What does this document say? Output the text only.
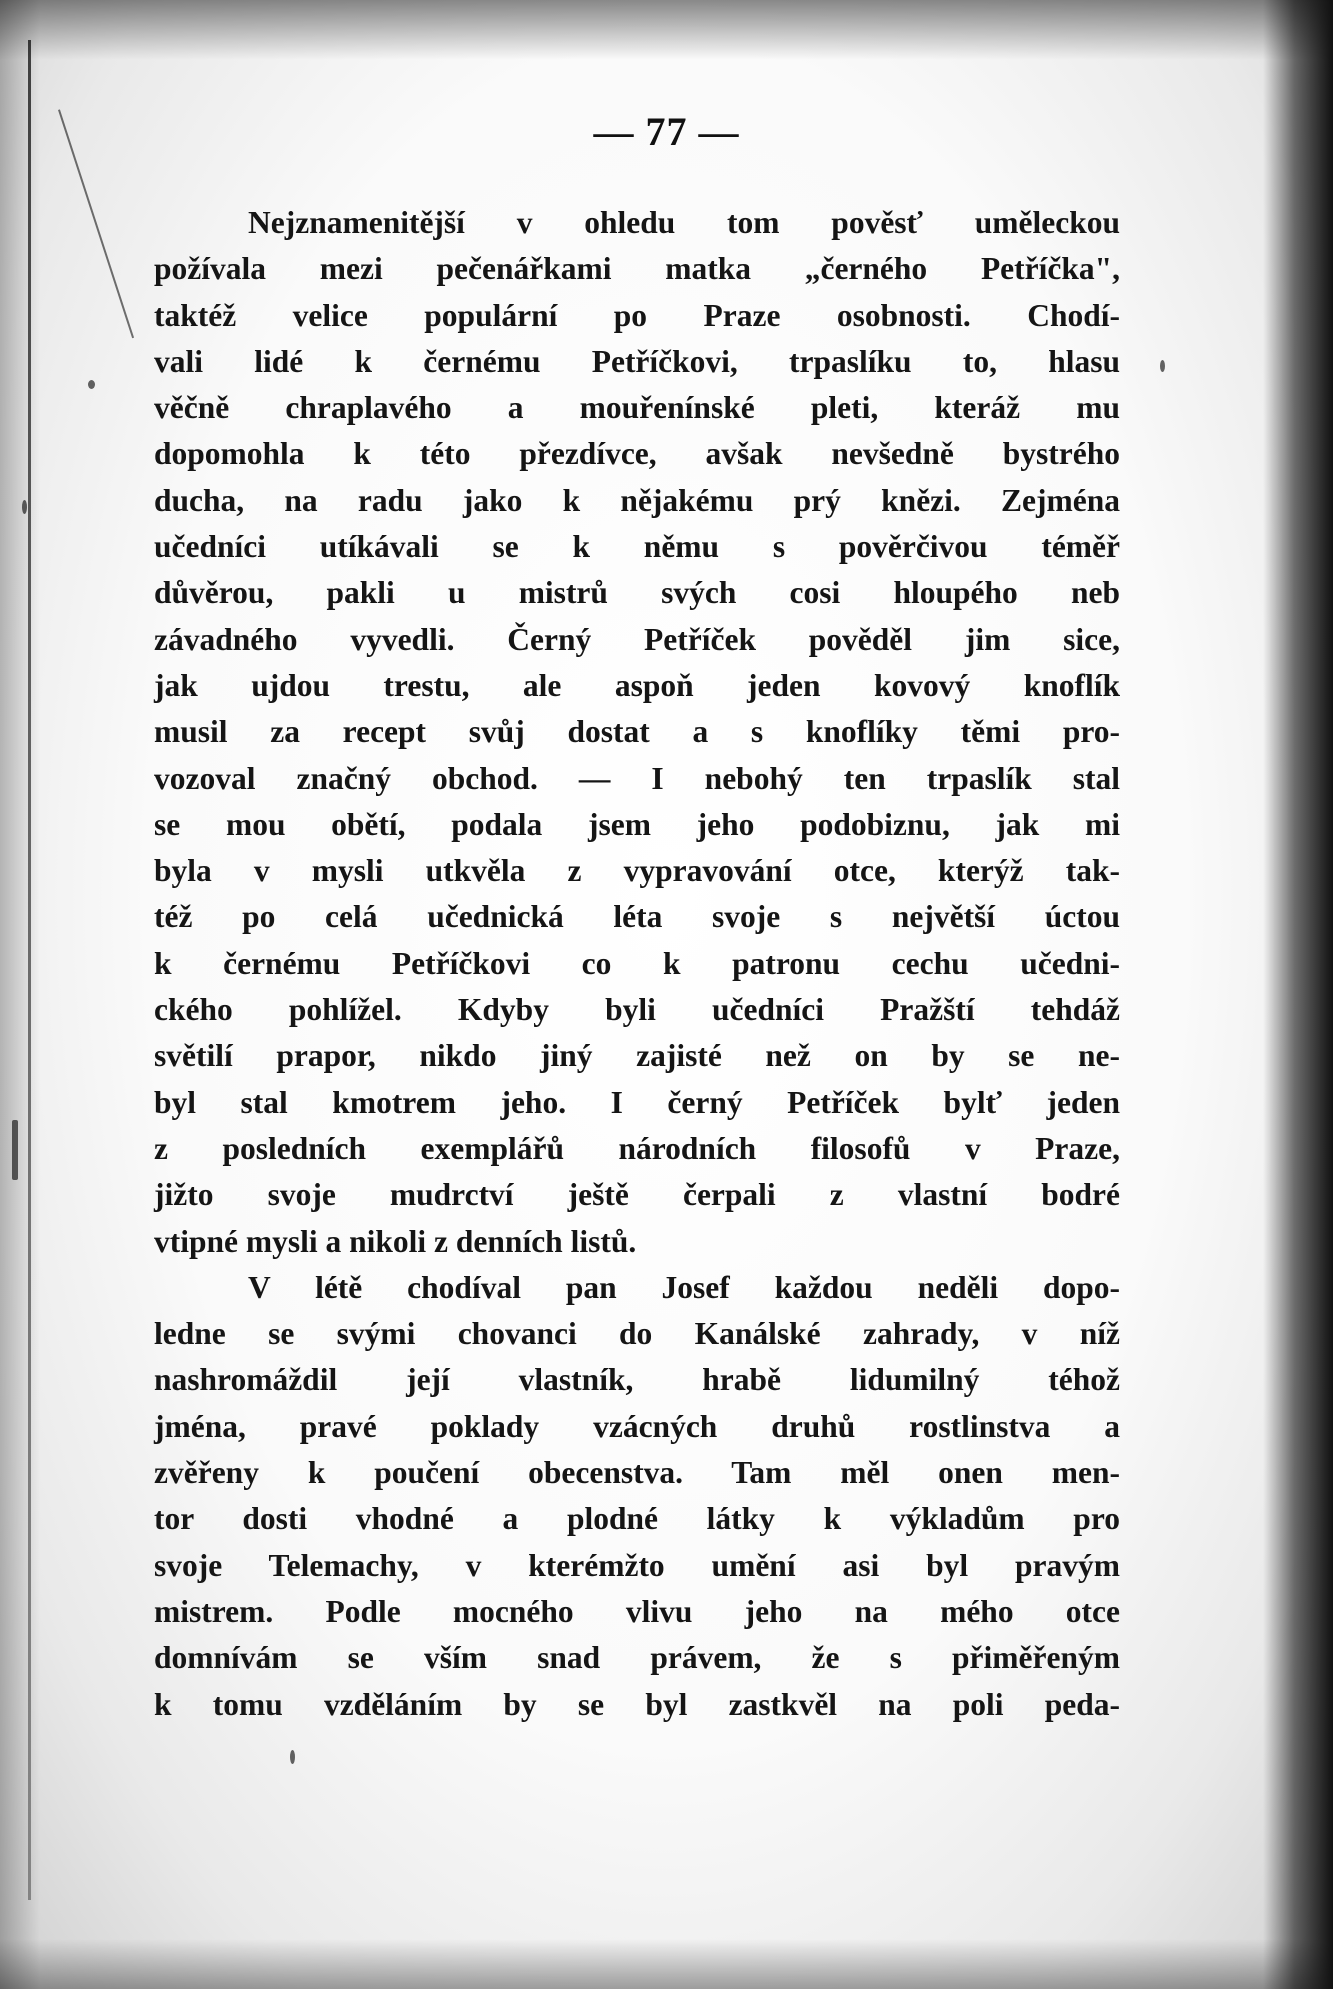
— 77 —
Nejznamenitější v ohledu tom pověsť uměleckou
požívala mezi pečenářkami matka „černého Petříčka",
taktéž velice populární po Praze osobnosti. Chodí-
vali lidé k černému Petříčkovi, trpaslíku to, hlasu
věčně chraplavého a mouřenínské pleti, kteráž mu
dopomohla k této přezdívce, avšak nevšedně bystrého
ducha, na radu jako k nějakému prý knězi. Zejména
učedníci utíkávali se k němu s pověrčivou téměř
důvěrou, pakli u mistrů svých cosi hloupého neb
závadného vyvedli. Černý Petříček pověděl jim sice,
jak ujdou trestu, ale aspoň jeden kovový knoflík
musil za recept svůj dostat a s knoflíky těmi pro-
vozoval značný obchod. — I nebohý ten trpaslík stal
se mou obětí, podala jsem jeho podobiznu, jak mi
byla v mysli utkvěla z vypravování otce, kterýž tak-
též po celá učednická léta svoje s největší úctou
k černému Petříčkovi co k patronu cechu učedni-
ckého pohlížel. Kdyby byli učedníci Pražští tehdáž
světilí prapor, nikdo jiný zajisté než on by se ne-
byl stal kmotrem jeho. I černý Petříček bylť jeden
z posledních exemplářů národních filosofů v Praze,
jižto svoje mudrctví ještě čerpali z vlastní bodré
vtipné mysli a nikoli z denních listů.
V létě chodíval pan Josef každou neděli dopo-
ledne se svými chovanci do Kanálské zahrady, v níž
nashromáždil její vlastník, hrabě lidumilný téhož
jména, pravé poklady vzácných druhů rostlinstva a
zvěřeny k poučení obecenstva. Tam měl onen men-
tor dosti vhodné a plodné látky k výkladům pro
svoje Telemachy, v kterémžto umění asi byl pravým
mistrem. Podle mocného vlivu jeho na mého otce
domnívám se vším snad právem, že s přiměřeným
k tomu vzděláním by se byl zastkvěl na poli peda-
